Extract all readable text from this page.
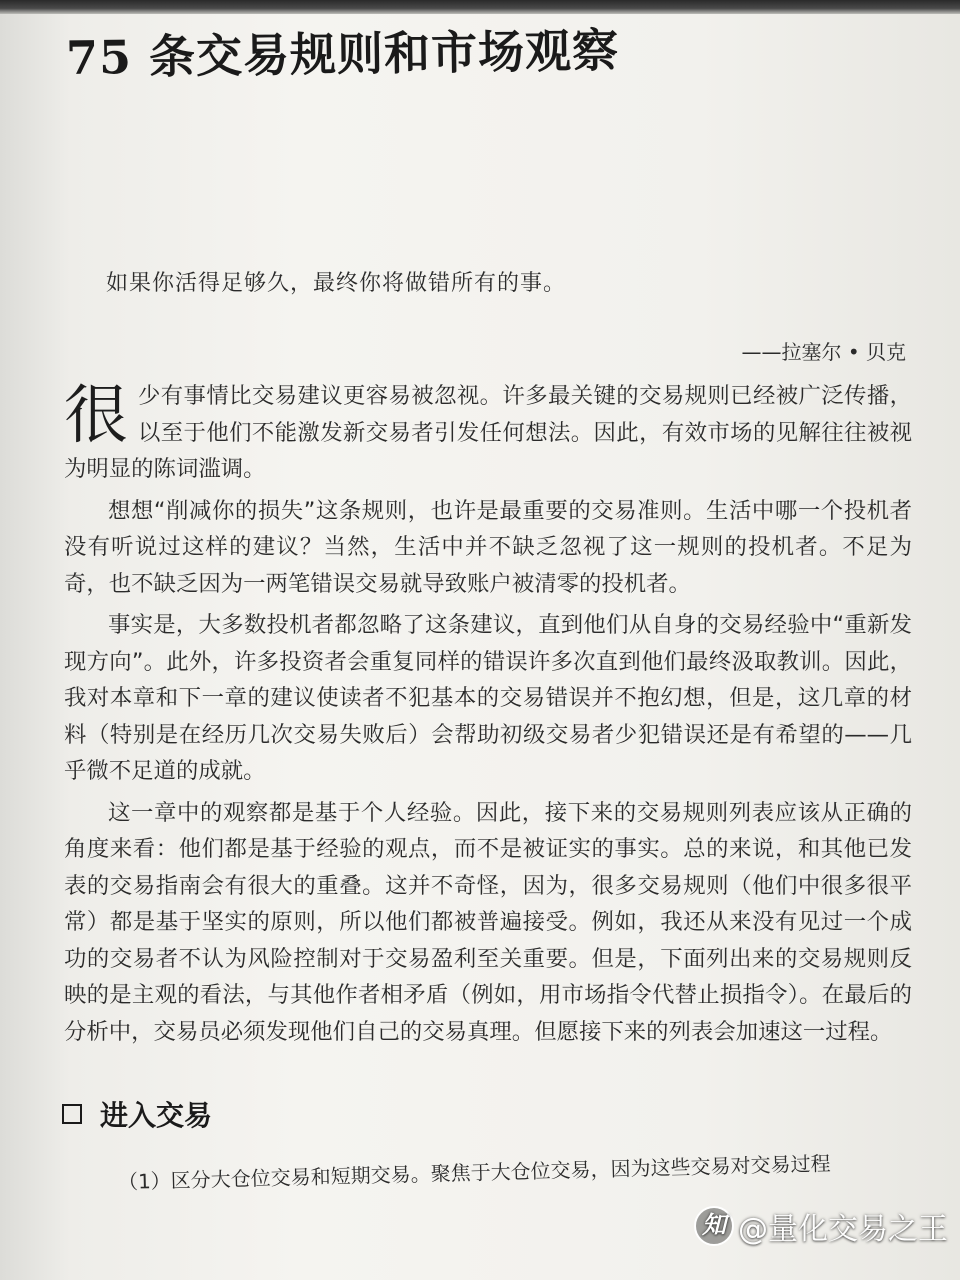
75 条交易规则和市场观察
如果你活得足够久，最终你将做错所有的事。
——拉塞尔 • 贝克

很少有事情比交易建议更容易被忽视。许多最关键的交易规则已经被广泛传播，以至于他们不能激发新交易者引发任何想法。因此，有效市场的见解往往被视为明显的陈词滥调。

想想“削减你的损失”这条规则，也许是最重要的交易准则。生活中哪一个投机者没有听说过这样的建议？当然，生活中并不缺乏忽视了这一规则的投机者。不足为奇，也不缺乏因为一两笔错误交易就导致账户被清零的投机者。

事实是，大多数投机者都忽略了这条建议，直到他们从自身的交易经验中“重新发现方向”。此外，许多投资者会重复同样的错误许多次直到他们最终汲取教训。因此，我对本章和下一章的建议使读者不犯基本的交易错误并不抱幻想，但是，这几章的材料（特别是在经历几次交易失败后）会帮助初级交易者少犯错误还是有希望的——几乎微不足道的成就。

这一章中的观察都是基于个人经验。因此，接下来的交易规则列表应该从正确的角度来看：他们都是基于经验的观点，而不是被证实的事实。总的来说，和其他已发表的交易指南会有很大的重叠。这并不奇怪，因为，很多交易规则（他们中很多很平常）都是基于坚实的原则，所以他们都被普遍接受。例如，我还从来没有见过一个成功的交易者不认为风险控制对于交易盈利至关重要。但是，下面列出来的交易规则反映的是主观的看法，与其他作者相矛盾（例如，用市场指令代替止损指令）。在最后的分析中，交易员必须发现他们自己的交易真理。但愿接下来的列表会加速这一过程。

进入交易
（1）区分大仓位交易和短期交易。聚焦于大仓位交易，因为这些交易对交易过程
知 @量化交易之王
